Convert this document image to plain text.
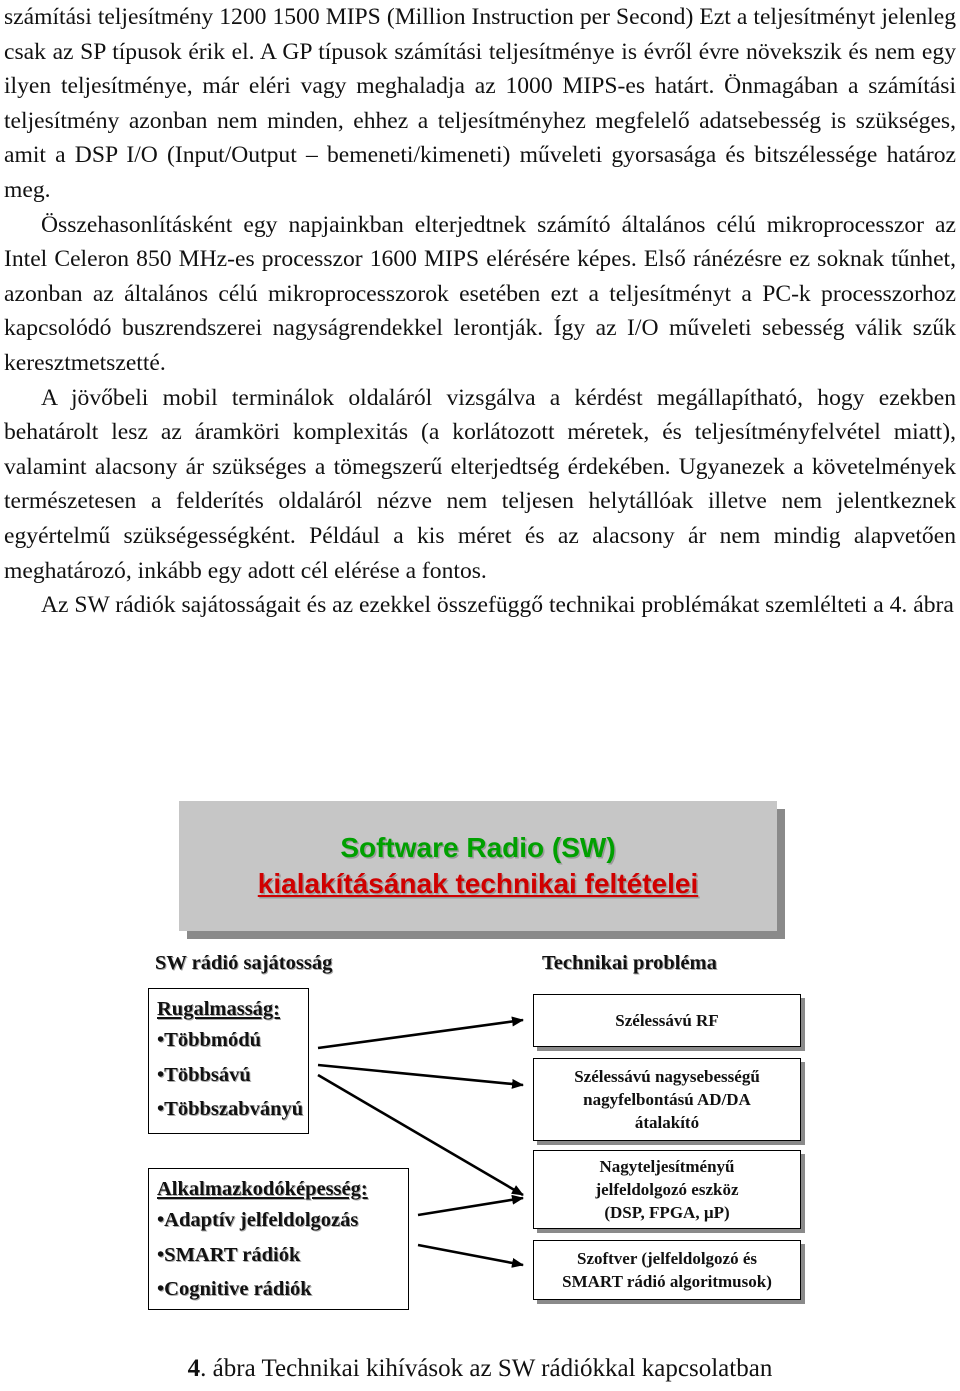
számítási teljesítmény 1200 1500 MIPS (Million Instruction per Second) Ezt a teljesítményt jelenleg csak az SP típusok érik el. A GP típusok számítási teljesítménye is évről évre növekszik és nem egy ilyen teljesítménye, már eléri vagy meghaladja az 1000 MIPS-es határt. Önmagában a számítási teljesítmény azonban nem minden, ehhez a teljesítményhez megfelelő adatsebesség is szükséges, amit a DSP I/O (Input/Output – bemeneti/kimeneti) műveleti gyorsasága és bitszélessége határoz meg.

Összehasonlításként egy napjainkban elterjedtnek számító általános célú mikroprocesszor az Intel Celeron 850 MHz-es processzor 1600 MIPS elérésére képes. Első ránézésre ez soknak tűnhet, azonban az általános célú mikroprocesszorok esetében ezt a teljesítményt a PC-k processzorhoz kapcsolódó buszrendszerei nagyságrendekkel lerontják. Így az I/O műveleti sebesség válik szűk keresztmetszetté.

A jövőbeli mobil terminálok oldaláról vizsgálva a kérdést megállapítható, hogy ezekben behatárolt lesz az áramköri komplexitás (a korlátozott méretek, és teljesítményfelvétel miatt), valamint alacsony ár szükséges a tömegszerű elterjedtség érdekében. Ugyanezek a követelmények természetesen a felderítés oldaláról nézve nem teljesen helytállóak illetve nem jelentkeznek egyértelmű szükségességként. Például a kis méret és az alacsony ár nem mindig alapvetően meghatározó, inkább egy adott cél elérése a fontos.

Az SW rádiók sajátosságait és az ezekkel összefüggő technikai problémákat szemlélteti a 4. ábra

Software Radio (SW)
kialakításának technikai feltételei
SW rádió sajátosság	Technikai probléma
Rugalmasság:
•Többmódú
•Többsávú
•Többszabványú
Alkalmazkodóképesség:
•Adaptív jelfeldolgozás
•SMART rádiók
•Cognitive rádiók
Szélessávú RF
Szélessávú nagysebességű
nagyfelbontású AD/DA
átalakító
Nagyteljesítményű
jelfeldolgozó eszköz
(DSP, FPGA, µP)
Szoftver (jelfeldolgozó és
SMART rádió algoritmusok)
4. ábra Technikai kihívások az SW rádiókkal kapcsolatban
